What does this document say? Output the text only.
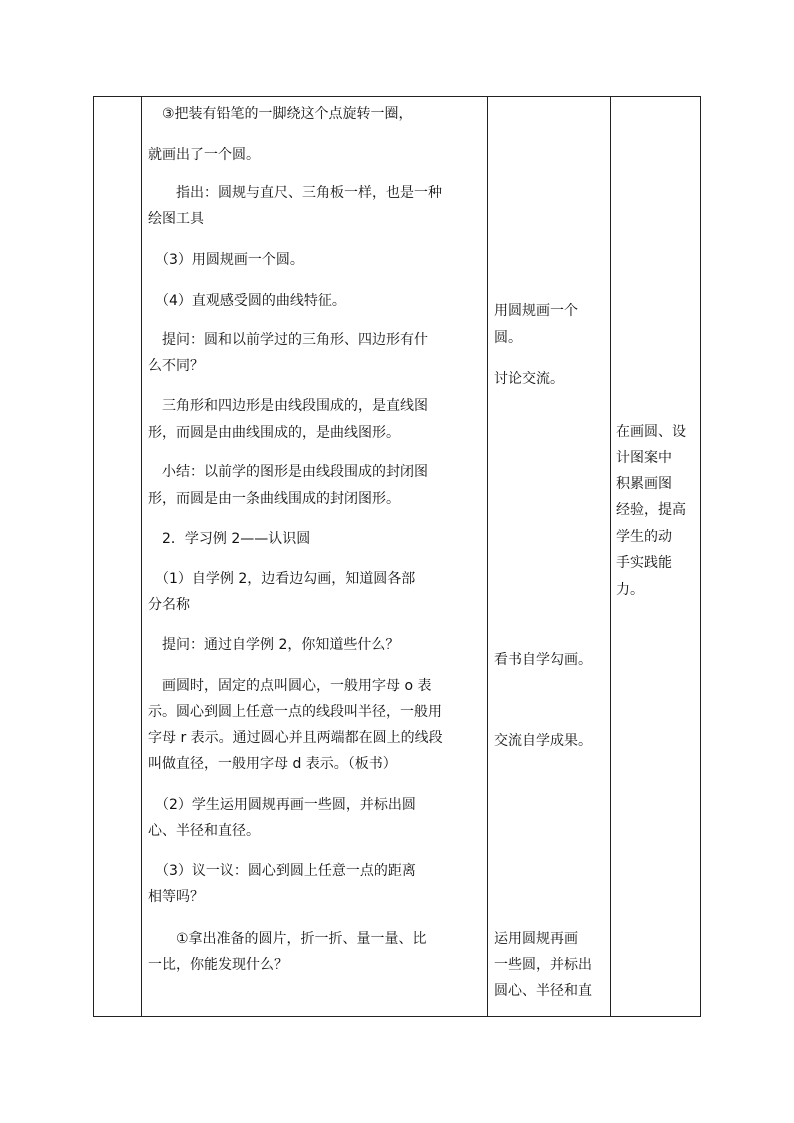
　③把装有铅笔的一脚绕这个点旋转一圈，

就画出了一个圆。

　　指出：圆规与直尺、三角板一样，也是一种

绘图工具

　（3）用圆规画一个圆。

　（4）直观感受圆的曲线特征。

　提问：圆和以前学过的三角形、四边形有什

么不同？

　三角形和四边形是由线段围成的，是直线图

形，而圆是由曲线围成的，是曲线图形。

　小结：以前学的图形是由线段围成的封闭图

形，而圆是由一条曲线围成的封闭图形。

　2．学习例 2——认识圆

　（1）自学例 2，边看边勾画，知道圆各部

分名称

　提问：通过自学例 2，你知道些什么？

　画圆时，固定的点叫圆心，一般用字母 o 表

示。圆心到圆上任意一点的线段叫半径，一般用

字母 r 表示。通过圆心并且两端都在圆上的线段

叫做直径，一般用字母 d 表示。（板书）

　（2）学生运用圆规再画一些圆，并标出圆

心、半径和直径。

　（3）议一议：圆心到圆上任意一点的距离

相等吗？

　　①拿出准备的圆片，折一折、量一量、比

一比，你能发现什么？

用圆规画一个

圆。

讨论交流。

看书自学勾画。

交流自学成果。

运用圆规再画

一些圆，并标出

圆心、半径和直

在画圆、设

计图案中

积累画图

经验，提高

学生的动

手实践能

力。
